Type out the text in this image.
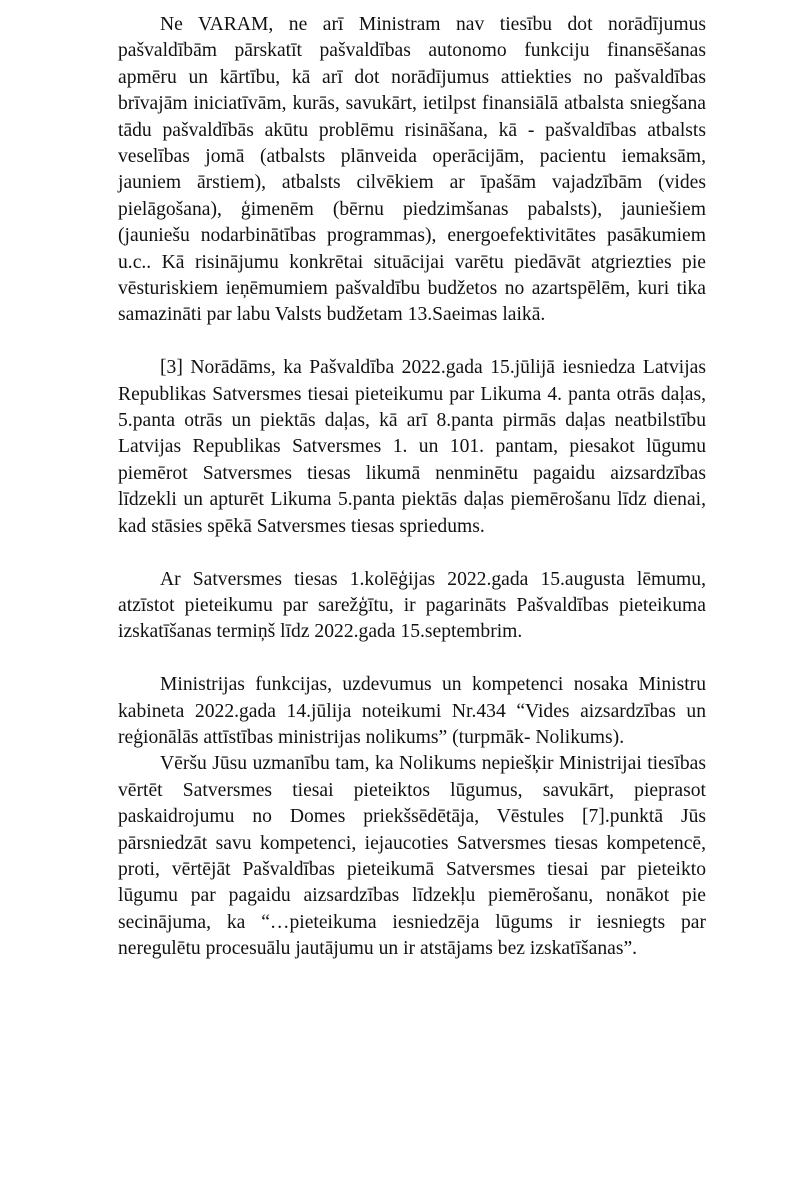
Ne VARAM, ne arī Ministram nav tiesību dot norādījumus pašvaldībām pārskatīt pašvaldības autonomo funkciju finansēšanas apmēru un kārtību, kā arī dot norādījumus attiekties no pašvaldības brīvajām iniciatīvām, kurās, savukārt, ietilpst finansiālā atbalsta sniegšana tādu pašvaldībās akūtu problēmu risināšana, kā - pašvaldības atbalsts veselības jomā (atbalsts plānveida operācijām, pacientu iemaksām, jauniem ārstiem), atbalsts cilvēkiem ar īpašām vajadzībām (vides pielāgošana), ģimenēm (bērnu piedzimšanas pabalsts), jauniešiem (jauniešu nodarbinātības programmas), energoefektivitātes pasākumiem u.c.. Kā risinājumu konkrētai situācijai varētu piedāvāt atgriezties pie vēsturiskiem ieņēmumiem pašvaldību budžetos no azartspēlēm, kuri tika samazināti par labu Valsts budžetam 13.Saeimas laikā.

[3] Norādāms, ka Pašvaldība 2022.gada 15.jūlijā iesniedza Latvijas Republikas Satversmes tiesai pieteikumu par Likuma 4. panta otrās daļas, 5.panta otrās un piektās daļas, kā arī 8.panta pirmās daļas neatbilstību Latvijas Republikas Satversmes 1. un 101. pantam, piesakot lūgumu piemērot Satversmes tiesas likumā nenminētu pagaidu aizsardzības līdzekli un apturēt Likuma 5.panta piektās daļas piemērošanu līdz dienai, kad stāsies spēkā Satversmes tiesas spriedums.

Ar Satversmes tiesas 1.kolēģijas 2022.gada 15.augusta lēmumu, atzīstot pieteikumu par sarežģītu, ir pagarināts Pašvaldības pieteikuma izskatīšanas termiņš līdz 2022.gada 15.septembrim.

Ministrijas funkcijas, uzdevumus un kompetenci nosaka Ministru kabineta 2022.gada 14.jūlija noteikumi Nr.434 “Vides aizsardzības un reģionālās attīstības ministrijas nolikums” (turpmāk- Nolikums).

Vēršu Jūsu uzmanību tam, ka Nolikums nepiešķir Ministrijai tiesības vērtēt Satversmes tiesai pieteiktos lūgumus, savukārt, pieprasot paskaidrojumu no Domes priekšsēdētāja, Vēstules [7].punktā Jūs pārsniedzāt savu kompetenci, iejaucoties Satversmes tiesas kompetencē, proti, vērtējāt Pašvaldības pieteikumā Satversmes tiesai par pieteikto lūgumu par pagaidu aizsardzības līdzekļu piemērošanu, nonākot pie secinājuma, ka “…pieteikuma iesniedzēja lūgums ir iesniegts par neregulētu procesuālu jautājumu un ir atstājams bez izskatīšanas”.
